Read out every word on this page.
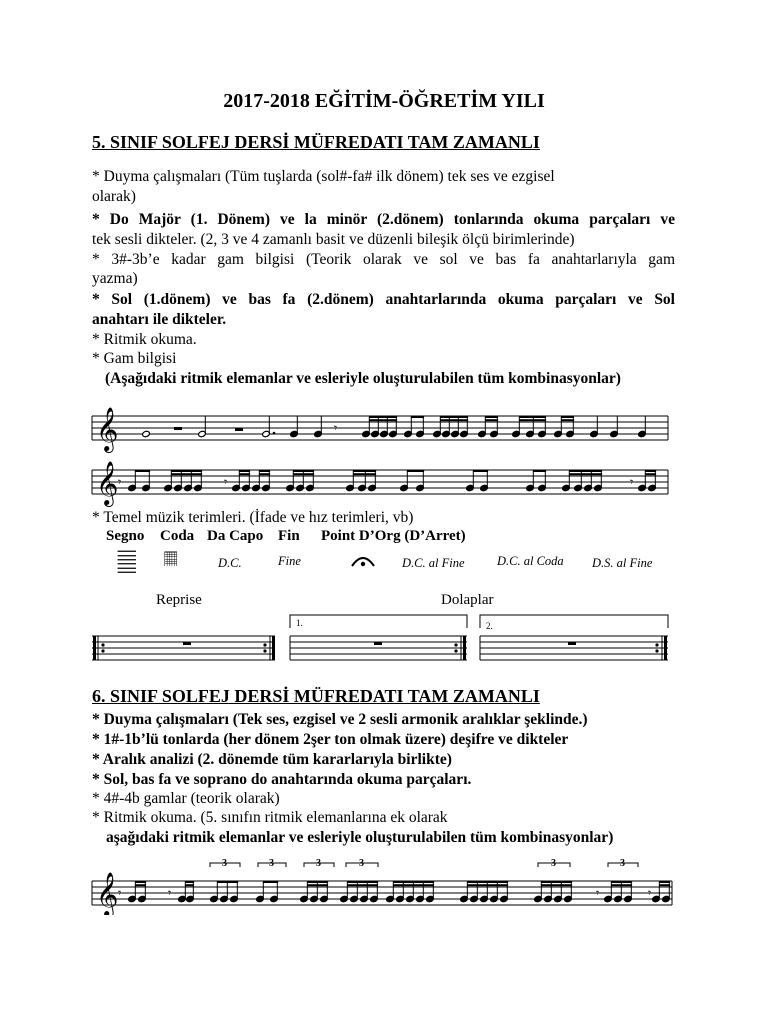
2017-2018 EĞİTİM-ÖĞRETİM YILI
5. SINIF SOLFEJ DERSİ MÜFREDATI TAM ZAMANLI
* Duyma çalışmaları (Tüm tuşlarda (sol#-fa# ilk dönem) tek ses ve ezgisel
olarak)
* Do Majör (1. Dönem) ve la minör (2.dönem) tonlarında okuma parçaları ve
tek sesli dikteler. (2, 3 ve 4 zamanlı basit ve düzenli bileşik ölçü birimlerinde)
* 3#-3b’e kadar gam bilgisi (Teorik olarak ve sol ve bas fa anahtarlarıyla gam
yazma)
* Sol (1.dönem) ve bas fa (2.dönem) anahtarlarında okuma parçaları ve Sol
anahtarı ile dikteler.
* Ritmik okuma.
* Gam bilgisi
(Aşağıdaki ritmik elemanlar ve esleriyle oluşturulabilen tüm kombinasyonlar)
𝄞
𝄞
𝄾
𝄾	𝄾	𝄾
* Temel müzik terimleri. (İfade ve hız terimleri, vb)
Segno Coda Da Capo Fin Point D’Org (D’Arret)
𝄛 𝄜	D.C.	Fine	D.C. al Fine	D.C. al Coda D.S. al Fine
Reprise	Dolaplar
1.	2.
6. SINIF SOLFEJ DERSİ MÜFREDATI TAM ZAMANLI
* Duyma çalışmaları (Tek ses, ezgisel ve 2 sesli armonik aralıklar şeklinde.)
* 1#-1b’lü tonlarda (her dönem 2şer ton olmak üzere) deşifre ve dikteler
* Aralık analizi (2. dönemde tüm kararlarıyla birlikte)
* Sol, bas fa ve soprano do anahtarında okuma parçaları.
* 4#-4b gamlar (teorik olarak)
* Ritmik okuma. (5. sınıfın ritmik elemanlarına ek olarak
aşağıdaki ritmik elemanlar ve esleriyle oluşturulabilen tüm kombinasyonlar)
𝄞 𝄾	𝄾	𝄾	𝄾
3	3	3	3	3	3
